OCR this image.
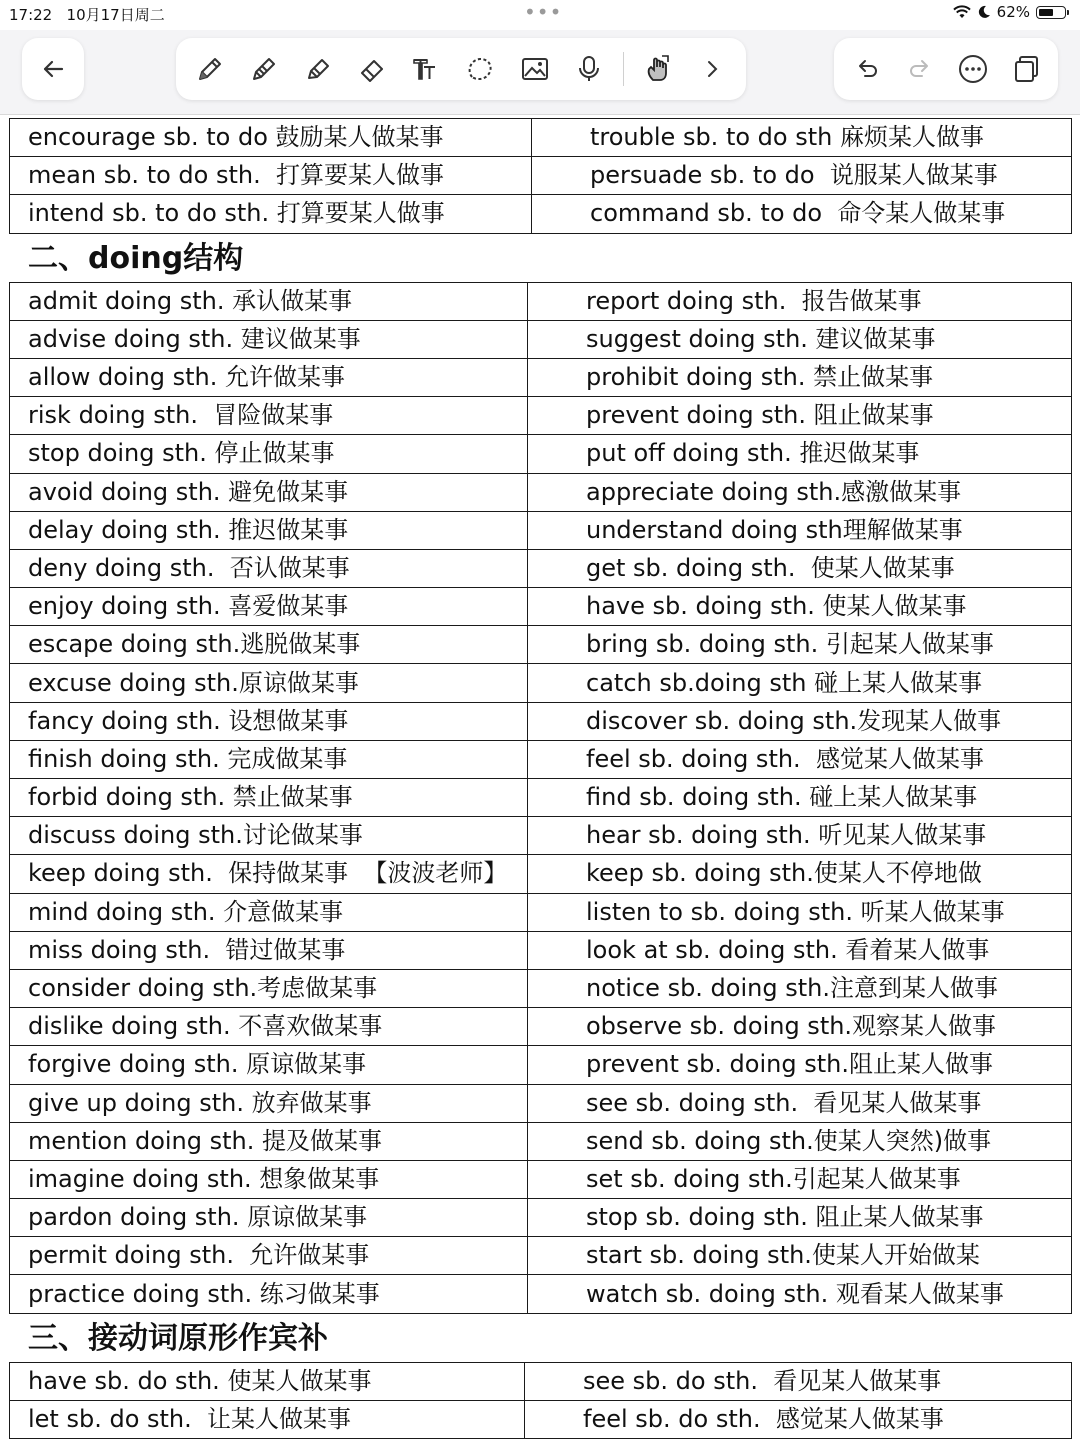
17:22 10月17日周二	•••	62%
encourage sb. to do 鼓励某人做某事	trouble sb. to do sth 麻烦某人做事
mean sb. to do sth.  打算要某人做事	persuade sb. to do  说服某人做某事
intend sb. to do sth. 打算要某人做事	command sb. to do  命令某人做某事
二、doing结构
admit doing sth. 承认做某事	report doing sth.  报告做某事
advise doing sth. 建议做某事	suggest doing sth. 建议做某事
allow doing sth. 允许做某事	prohibit doing sth. 禁止做某事
risk doing sth.  冒险做某事	prevent doing sth. 阻止做某事
stop doing sth. 停止做某事	put off doing sth. 推迟做某事
avoid doing sth. 避免做某事	appreciate doing sth.感激做某事
delay doing sth. 推迟做某事	understand doing sth理解做某事
deny doing sth.  否认做某事	get sb. doing sth.  使某人做某事
enjoy doing sth. 喜爱做某事	have sb. doing sth. 使某人做某事
escape doing sth.逃脱做某事	bring sb. doing sth. 引起某人做某事
excuse doing sth.原谅做某事	catch sb.doing sth 碰上某人做某事
fancy doing sth. 设想做某事	discover sb. doing sth.发现某人做事
finish doing sth. 完成做某事	feel sb. doing sth.  感觉某人做某事
forbid doing sth. 禁止做某事	find sb. doing sth. 碰上某人做某事
discuss doing sth.讨论做某事	hear sb. doing sth. 听见某人做某事
keep doing sth.  保持做某事  【波波老师】	keep sb. doing sth.使某人不停地做
mind doing sth. 介意做某事	listen to sb. doing sth. 听某人做某事
miss doing sth.  错过做某事	look at sb. doing sth. 看着某人做事
consider doing sth.考虑做某事	notice sb. doing sth.注意到某人做事
dislike doing sth. 不喜欢做某事	observe sb. doing sth.观察某人做事
forgive doing sth. 原谅做某事	prevent sb. doing sth.阻止某人做事
give up doing sth. 放弃做某事	see sb. doing sth.  看见某人做某事
mention doing sth. 提及做某事	send sb. doing sth.使某人突然)做事
imagine doing sth. 想象做某事	set sb. doing sth.引起某人做某事
pardon doing sth. 原谅做某事	stop sb. doing sth. 阻止某人做某事
permit doing sth.  允许做某事	start sb. doing sth.使某人开始做某
practice doing sth. 练习做某事	watch sb. doing sth. 观看某人做某事
三、接动词原形作宾补
have sb. do sth. 使某人做某事	see sb. do sth.  看见某人做某事
let sb. do sth.  让某人做某事	feel sb. do sth.  感觉某人做某事
